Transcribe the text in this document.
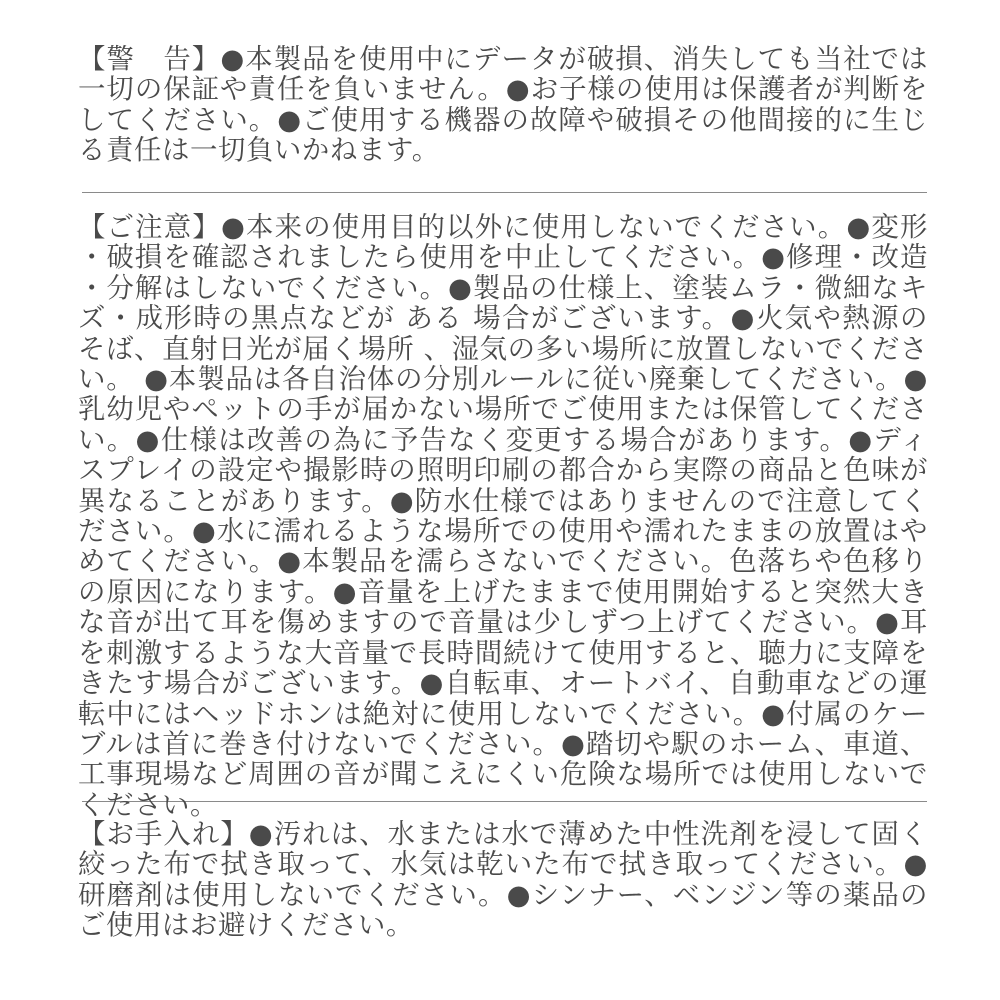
【警　告】●本製品を使用中にデータが破損、消失しても当社では一切の保証や責任を負いません。●お子様の使用は保護者が判断をしてください。●ご使用する機器の故障や破損その他間接的に生じる責任は一切負いかねます。
【ご注意】●本来の使用目的以外に使用しないでください。●変形・破損を確認されましたら使用を中止してください。●修理・改造・分解はしないでください。●製品の仕様上、塗装ムラ・微細なキズ・成形時の黒点などが ある 場合がございます。●火気や熱源のそば、直射日光が届く場所 、湿気の多い場所に放置しないでください。 ●本製品は各自治体の分別ルールに従い廃棄してください。●乳幼児やペットの手が届かない場所でご使用または保管してください。●仕様は改善の為に予告なく変更する場合があります。●ディスプレイの設定や撮影時の照明印刷の都合から実際の商品と色味が異なることがあります。●防水仕様ではありませんので注意してください。●水に濡れるような場所での使用や濡れたままの放置はやめてください。●本製品を濡らさないでください。色落ちや色移りの原因になります。●音量を上げたままで使用開始すると突然大きな音が出て耳を傷めますので音量は少しずつ上げてください。●耳を刺激するような大音量で長時間続けて使用すると、聴力に支障をきたす場合がございます。●自転車、オートバイ、自動車などの運転中にはヘッドホンは絶対に使用しないでください。●付属のケーブルは首に巻き付けないでください。●踏切や駅のホーム、車道、工事現場など周囲の音が聞こえにくい危険な場所では使用しないでください。
【お手入れ】●汚れは、水または水で薄めた中性洗剤を浸して固く絞った布で拭き取って、水気は乾いた布で拭き取ってください。●研磨剤は使用しないでください。●シンナー、ベンジン等の薬品のご使用はお避けください。
